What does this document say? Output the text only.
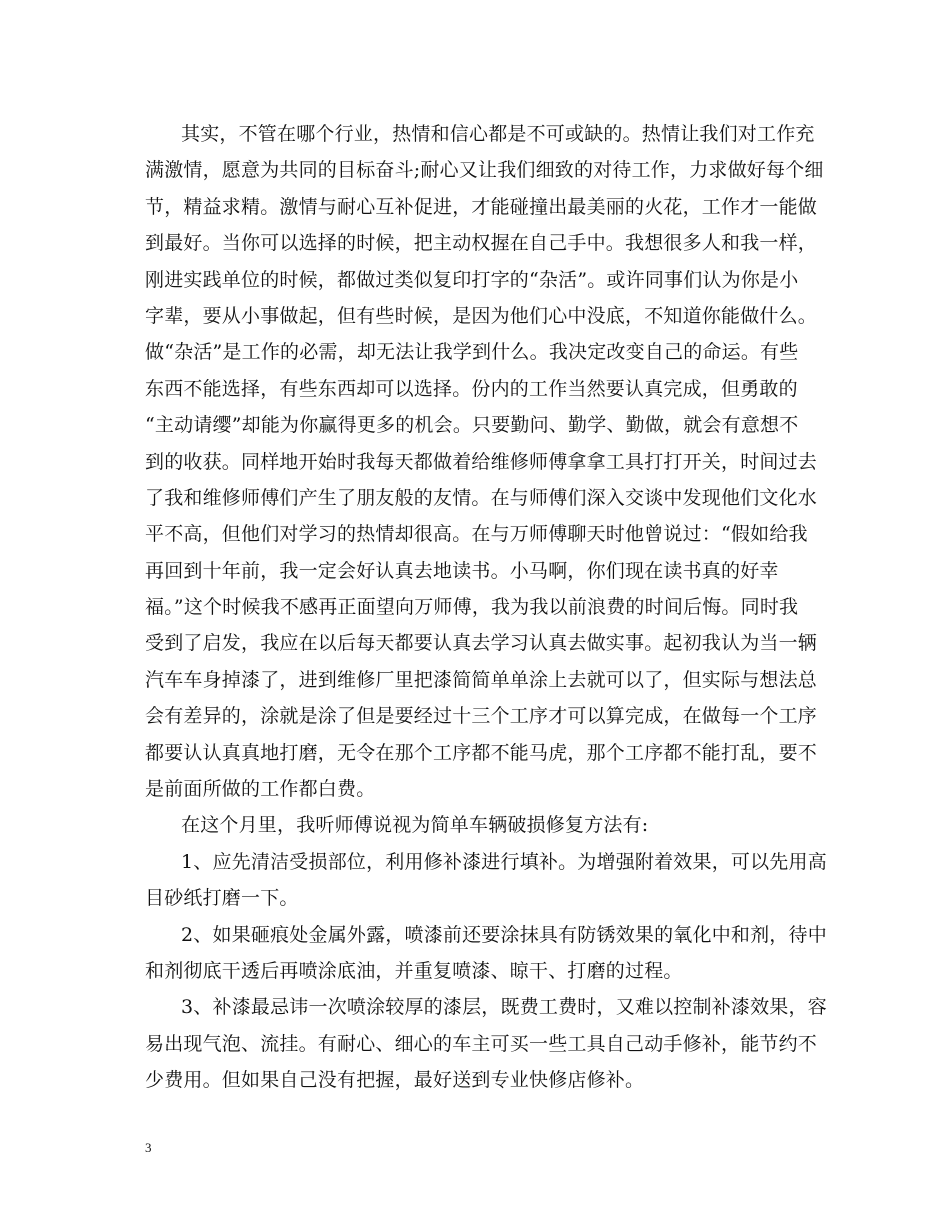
其实，不管在哪个行业，热情和信心都是不可或缺的。热情让我们对工作充
满激情，愿意为共同的目标奋斗;耐心又让我们细致的对待工作，力求做好每个细
节，精益求精。激情与耐心互补促进，才能碰撞出最美丽的火花，工作才一能做
到最好。当你可以选择的时候，把主动权握在自己手中。我想很多人和我一样，
刚进实践单位的时候，都做过类似复印打字的“杂活”。或许同事们认为你是小
字辈，要从小事做起，但有些时候，是因为他们心中没底，不知道你能做什么。
做“杂活”是工作的必需，却无法让我学到什么。我决定改变自己的命运。有些
东西不能选择，有些东西却可以选择。份内的工作当然要认真完成，但勇敢的
“主动请缨”却能为你赢得更多的机会。只要勤问、勤学、勤做，就会有意想不
到的收获。同样地开始时我每天都做着给维修师傅拿拿工具打打开关，时间过去
了我和维修师傅们产生了朋友般的友情。在与师傅们深入交谈中发现他们文化水
平不高，但他们对学习的热情却很高。在与万师傅聊天时他曾说过：“假如给我
再回到十年前，我一定会好认真去地读书。小马啊，你们现在读书真的好幸
福。”这个时候我不感再正面望向万师傅，我为我以前浪费的时间后悔。同时我
受到了启发，我应在以后每天都要认真去学习认真去做实事。起初我认为当一辆
汽车车身掉漆了，进到维修厂里把漆简简单单涂上去就可以了，但实际与想法总
会有差异的，涂就是涂了但是要经过十三个工序才可以算完成，在做每一个工序
都要认认真真地打磨，无令在那个工序都不能马虎，那个工序都不能打乱，要不
是前面所做的工作都白费。
在这个月里，我听师傅说视为简单车辆破损修复方法有:
1、应先清洁受损部位，利用修补漆进行填补。为增强附着效果，可以先用高
目砂纸打磨一下。
2、如果砸痕处金属外露，喷漆前还要涂抹具有防锈效果的氧化中和剂，待中
和剂彻底干透后再喷涂底油，并重复喷漆、晾干、打磨的过程。
3、补漆最忌讳一次喷涂较厚的漆层，既费工费时，又难以控制补漆效果，容
易出现气泡、流挂。有耐心、细心的车主可买一些工具自己动手修补，能节约不
少费用。但如果自己没有把握，最好送到专业快修店修补。
3
